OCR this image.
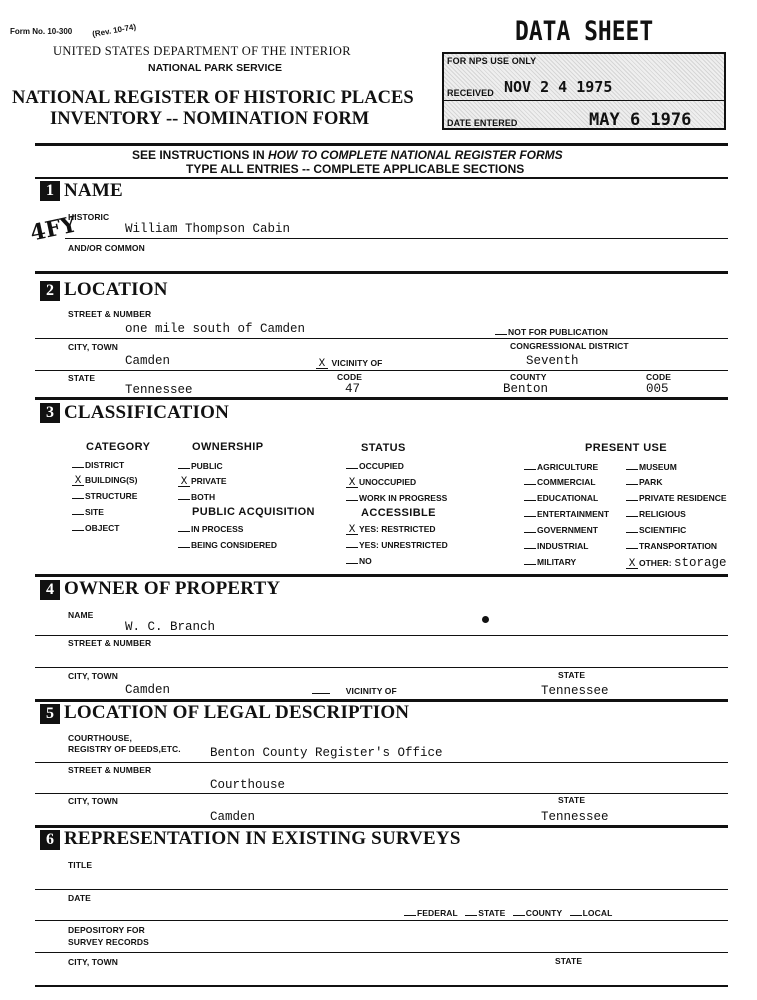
Form No. 10-300 (Rev. 10-74)
UNITED STATES DEPARTMENT OF THE INTERIOR
NATIONAL PARK SERVICE
NATIONAL REGISTER OF HISTORIC PLACES
INVENTORY -- NOMINATION FORM
DATA SHEET
FOR NPS USE ONLY
RECEIVED NOV 2 4 1975
DATE ENTERED	MAY 6 1976
SEE INSTRUCTIONS IN HOW TO COMPLETE NATIONAL REGISTER FORMS
TYPE ALL ENTRIES -- COMPLETE APPLICABLE SECTIONS
1 NAME
HISTORIC
William Thompson Cabin
4FY
AND/OR COMMON
2 LOCATION
STREET & NUMBER
one mile south of Camden	NOT FOR PUBLICATION
CITY, TOWN	CONGRESSIONAL DISTRICT
Camden	X VICINITY OF	Seventh
STATE	CODE	COUNTY	CODE
Tennessee	47	Benton	005
3 CLASSIFICATION
CATEGORY	OWNERSHIP	STATUS	PRESENT USE
DISTRICT
X BUILDING(S)
STRUCTURE
SITE
OBJECT
PUBLIC
X PRIVATE
BOTH
PUBLIC ACQUISITION
IN PROCESS
BEING CONSIDERED
OCCUPIED
X UNOCCUPIED
WORK IN PROGRESS
ACCESSIBLE
X YES: RESTRICTED
YES: UNRESTRICTED
NO
AGRICULTURE
COMMERCIAL
EDUCATIONAL
ENTERTAINMENT
GOVERNMENT
INDUSTRIAL
MILITARY
MUSEUM
PARK
PRIVATE RESIDENCE
RELIGIOUS
SCIENTIFIC
TRANSPORTATION
X OTHER: storage
4 OWNER OF PROPERTY
NAME
W. C. Branch
STREET & NUMBER
CITY, TOWN	STATE
Camden	VICINITY OF	Tennessee
5 LOCATION OF LEGAL DESCRIPTION
COURTHOUSE,
REGISTRY OF DEEDS,ETC. Benton County Register's Office
STREET & NUMBER
Courthouse
CITY, TOWN	STATE
Camden	Tennessee
6 REPRESENTATION IN EXISTING SURVEYS
TITLE
DATE
FEDERAL STATE COUNTY LOCAL
DEPOSITORY FOR
SURVEY RECORDS
CITY, TOWN	STATE
